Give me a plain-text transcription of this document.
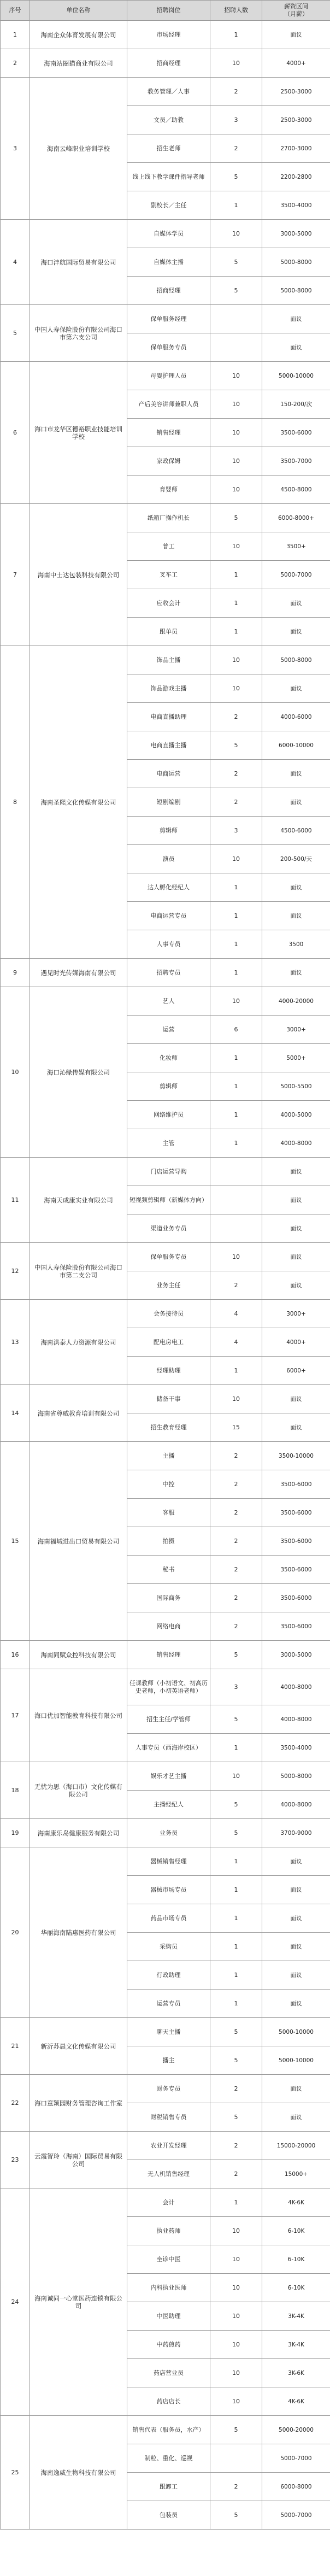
序号	单位名称	招聘岗位	招聘人数	薪资区间
（月薪）
1	海南企众体育发展有限公司	市场经理	1	面议
2	海南站圈猫商业有限公司	招商经理	10	4000+
3	海南云峰职业培训学校	教务管理／人事	2	2500-3000
		文员／助教	3	2500-3000
		招生老师	2	2700-3000
		线上线下教学课件指导老师	5	2200-2800
		副校长／主任	1	3500-4000
4	海口沣航国际贸易有限公司	自媒体学员	10	3000-5000
		自媒体主播	5	5000-8000
		招商经理	5	5000-8000
5	中国人寿保险股份有限公司海口市第六支公司	保单服务经理		面议
		保单服务专员		面议
6	海口市龙华区德裕职业技能培训学校	母婴护理人员	10	5000-10000
		产后美容讲师兼职人员	10	150-200/次
		销售经理	10	3500-6000
		家政保姆	10	3500-7000
		育婴师	10	4500-8000
7	海南中士达包装科技有限公司	纸箱厂操作机长	5	6000-8000+
		普工	10	3500+
		叉车工	1	5000-7000
		应收会计	1	面议
		跟单员	1	面议
8	海南圣熙文化传媒有限公司	饰品主播	10	5000-8000
		饰品游戏主播	10	面议
		电商直播助理	2	4000-6000
		电商直播主播	5	6000-10000
		电商运营	2	面议
		短剧编剧	2	面议
		剪辑师	3	4500-6000
		演员	10	200-500/天
		达人孵化经纪人	1	面议
		电商运营专员	1	面议
		人事专员	1	3500
9	遇见时光传媒海南有限公司	招聘专员	1	面议
10	海口沁绿传媒有限公司	艺人	10	4000-20000
		运营	6	3000+
		化妆师	1	5000+
		剪辑师	1	5000-5500
		网络维护员	1	4000-5000
		主管	1	4000-8000
11	海南天成康实业有限公司	门店运营导购		面议
		短视频剪辑师（新媒体方向）		面议
		渠道业务专员		面议
12	中国人寿保险股份有限公司海口市第二支公司	保单服务专员	10	面议
		业务主任	2	面议
13	海南洪泰人力资源有限公司	会务接待员	4	3000+
		配电房电工	4	4000+
		经理助理	1	6000+
14	海南省尊威教育培训有限公司	储备干事	10	面议
		招生教育经理	15	面议
15	海南福城进出口贸易有限公司	主播	2	3500-10000
		中控	2	3500-6000
		客服	2	3500-6000
		拍摄	2	3500-6000
		秘书	2	3500-6000
		国际商务	2	3500-6000
		网络电商	2	3500-6000
16	海南同赋众控科技有限公司	销售经理	5	3000-5000
17	海口优加智能教育科技有限公司	任课教师（小初语文、初高历史老师，小初英语老师）	3	4000-8000
		招生主任/学管师	5	4000-8000
		人事专员（西海岸校区）	1	3500-4000
18	无忧为思（海口市）文化传媒有限公司	娱乐才艺主播	10	5000-8000
		主播经纪人	5	4000-8000
19	海南康乐岛健康服务有限公司	业务员	5	3700-9000
20	华丽海南陆惠医药有限公司	器械销售经理	1	面议
		器械市场专员	1	面议
		药品市场专员	1	面议
		采购员	1	面议
		行政助理	1	面议
		运营专员	1	面议
21	新沂苏晨文化传媒有限公司	聊天主播	5	5000-10000
		播主	5	5000-10000
22	海口童颖园财务管理咨询工作室	财务专员	2	面议
		财税销售专员	5	面议
23	云霞智玲（海南）国际贸易有限公司	农业开发经理	2	15000-20000
		无人机销售经理	2	15000+
24	海南诚同一心堂医药连锁有限公司	会计	1	4K-6K
		执业药师	10	6-10K
		坐诊中医	10	6-10K
		内科执业医师	10	6-10K
		中医助理	10	3K-4K
		中药煎药	10	3K-4K
		药店营业员	10	3K-6K
		药店店长	10	4K-6K
25	海南逸威生物科技有限公司	销售代表（服务员，水产）	5	5000-20000
		制粒、重化、巡视		5000-7000
		跟卸工	2	6000-8000
		包装员	5	5000-7000
